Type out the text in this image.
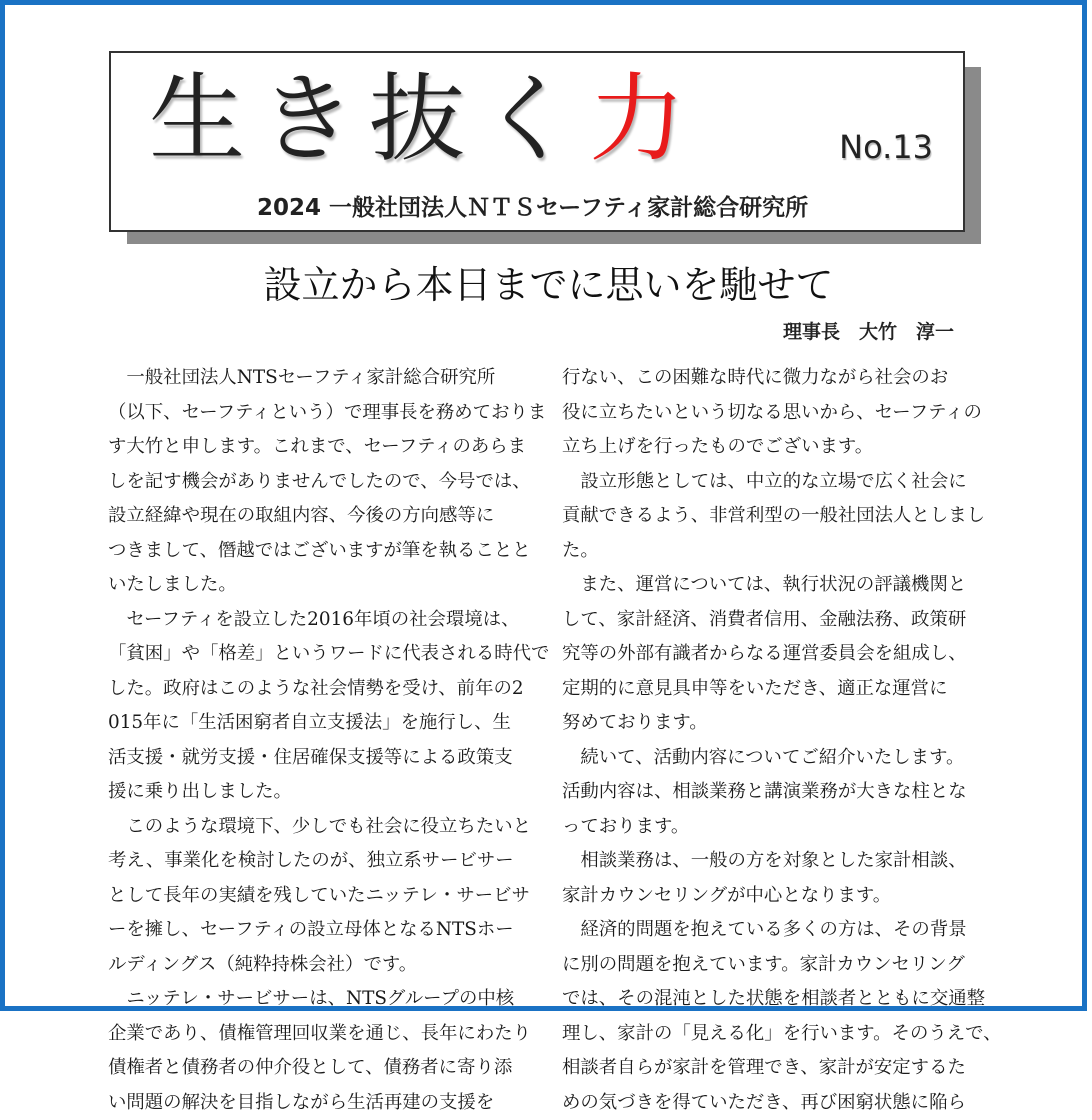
生き抜く力	No.13
2024 一般社団法人ＮＴＳセーフティ家計総合研究所
設立から本日までに思いを馳せて
理事長　大竹　淳一
　一般社団法人NTSセーフティ家計総合研究所
（以下、セーフティという）で理事長を務めておりま
す大竹と申します。これまで、セーフティのあらま
しを記す機会がありませんでしたので、今号では、
設立経緯や現在の取組内容、今後の方向感等に
つきまして、僭越ではございますが筆を執ることと
いたしました。
　セーフティを設立した2016年頃の社会環境は、
「貧困」や「格差」というワードに代表される時代で
した。政府はこのような社会情勢を受け、前年の2
015年に「生活困窮者自立支援法」を施行し、生
活支援・就労支援・住居確保支援等による政策支
援に乗り出しました。
　このような環境下、少しでも社会に役立ちたいと
考え、事業化を検討したのが、独立系サービサー
として長年の実績を残していたニッテレ・サービサ
ーを擁し、セーフティの設立母体となるNTSホー
ルディングス（純粋持株会社）です。
　ニッテレ・サービサーは、NTSグループの中核
企業であり、債権管理回収業を通じ、長年にわたり
債権者と債務者の仲介役として、債務者に寄り添
い問題の解決を目指しながら生活再建の支援を
行ない、この困難な時代に微力ながら社会のお
役に立ちたいという切なる思いから、セーフティの
立ち上げを行ったものでございます。
　設立形態としては、中立的な立場で広く社会に
貢献できるよう、非営利型の一般社団法人としまし
た。
　また、運営については、執行状況の評議機関と
して、家計経済、消費者信用、金融法務、政策研
究等の外部有識者からなる運営委員会を組成し、
定期的に意見具申等をいただき、適正な運営に
努めております。
　続いて、活動内容についてご紹介いたします。
活動内容は、相談業務と講演業務が大きな柱とな
っております。
　相談業務は、一般の方を対象とした家計相談、
家計カウンセリングが中心となります。
　経済的問題を抱えている多くの方は、その背景
に別の問題を抱えています。家計カウンセリング
では、その混沌とした状態を相談者とともに交通整
理し、家計の「見える化」を行います。そのうえで、
相談者自らが家計を管理でき、家計が安定するた
めの気づきを得ていただき、再び困窮状態に陥ら
